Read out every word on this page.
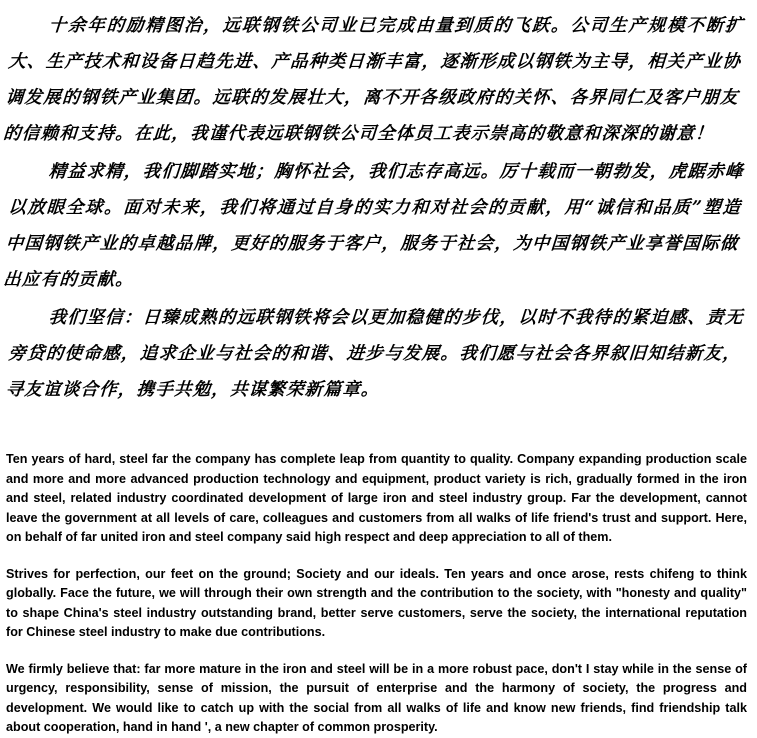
十余年的励精图治，远联钢铁公司业已完成由量到质的飞跃。公司生产规模不断扩大、生产技术和设备日趋先进、产品种类日渐丰富，逐渐形成以钢铁为主导，相关产业协调发展的钢铁产业集团。远联的发展壮大，离不开各级政府的关怀、各界同仁及客户朋友的信赖和支持。在此，我谨代表远联钢铁公司全体员工表示崇高的敬意和深深的谢意！

精益求精，我们脚踏实地；胸怀社会，我们志存高远。厉十载而一朝勃发，虎踞赤峰以放眼全球。面对未来，我们将通过自身的实力和对社会的贡献，用“诚信和品质”塑造中国钢铁产业的卓越品牌，更好的服务于客户，服务于社会，为中国钢铁产业享誉国际做出应有的贡献。

我们坚信：日臻成熟的远联钢铁将会以更加稳健的步伐，以时不我待的紧迫感、责无旁贷的使命感，追求企业与社会的和谐、进步与发展。我们愿与社会各界叙旧知结新友，寻友谊谈合作，携手共勉，共谋繁荣新篇章。

Ten years of hard, steel far the company has complete leap from quantity to quality. Company expanding production scale and more and more advanced production technology and equipment, product variety is rich, gradually formed in the iron and steel, related industry coordinated development of large iron and steel industry group. Far the development, cannot leave the government at all levels of care, colleagues and customers from all walks of life friend's trust and support. Here, on behalf of far united iron and steel company said high respect and deep appreciation to all of them.

Strives for perfection, our feet on the ground; Society and our ideals. Ten years and once arose, rests chifeng to think globally. Face the future, we will through their own strength and the contribution to the society, with "honesty and quality" to shape China's steel industry outstanding brand, better serve customers, serve the society, the international reputation for Chinese steel industry to make due contributions.

We firmly believe that: far more mature in the iron and steel will be in a more robust pace, don't I stay while in the sense of urgency, responsibility, sense of mission, the pursuit of enterprise and the harmony of society, the progress and development. We would like to catch up with the social from all walks of life and know new friends, find friendship talk about cooperation, hand in hand ', a new chapter of common prosperity.
